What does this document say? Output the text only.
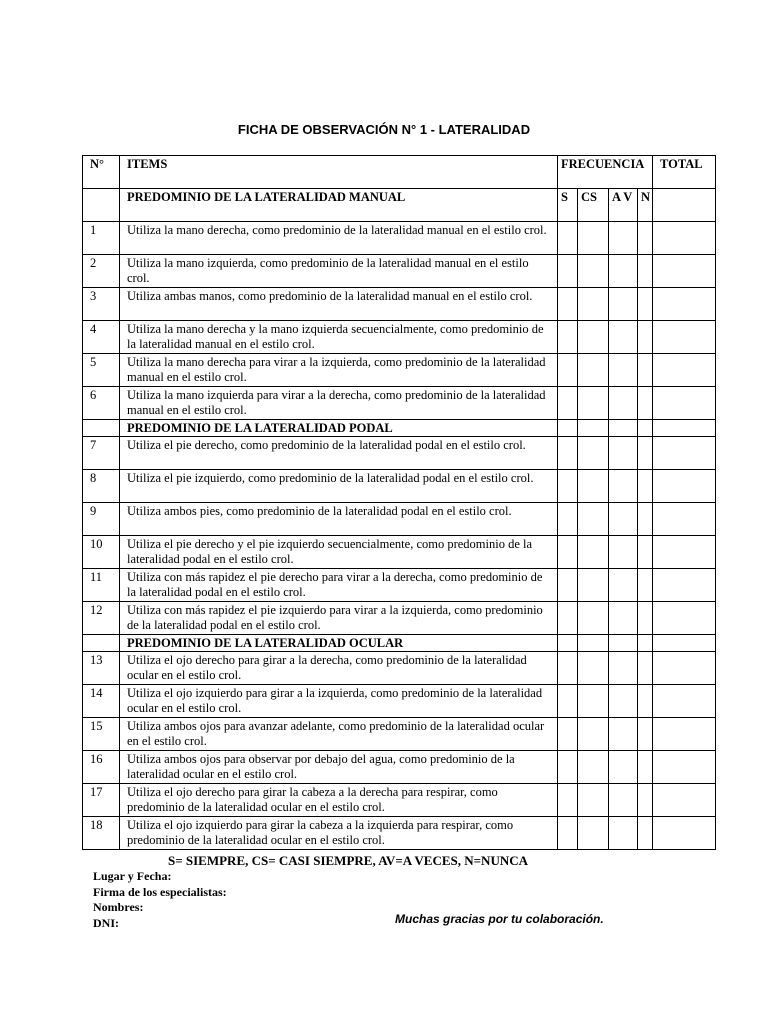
FICHA DE OBSERVACIÓN N° 1 - LATERALIDAD
N°	ITEMS	FRECUENCIA				TOTAL
	PREDOMINIO DE LA LATERALIDAD MANUAL	S	CS	A V	N	
1	Utiliza la mano derecha, como predominio de la lateralidad manual en el estilo crol.					
2	Utiliza la mano izquierda, como predominio de la lateralidad manual en el estilo crol.					
3	Utiliza ambas manos, como predominio de la lateralidad manual en el estilo crol.					
4	Utiliza la mano derecha y la mano izquierda secuencialmente, como predominio de la lateralidad manual en el estilo crol.					
5	Utiliza la mano derecha para virar a la izquierda, como predominio de la lateralidad manual en el estilo crol.					
6	Utiliza la mano izquierda para virar a la derecha, como predominio de la lateralidad manual en el estilo crol.					
	PREDOMINIO DE LA LATERALIDAD PODAL					
7	Utiliza el pie derecho, como predominio de la lateralidad podal en el estilo crol.					
8	Utiliza el pie izquierdo, como predominio de la lateralidad podal en el estilo crol.					
9	Utiliza ambos pies, como predominio de la lateralidad podal en el estilo crol.					
10	Utiliza el pie derecho y el pie izquierdo secuencialmente, como predominio de la lateralidad podal en el estilo crol.					
11	Utiliza con más rapidez el pie derecho para virar a la derecha, como predominio de la lateralidad podal en el estilo crol.					
12	Utiliza con más rapidez el pie izquierdo para virar a la izquierda, como predominio de la lateralidad podal en el estilo crol.					
	PREDOMINIO DE LA LATERALIDAD OCULAR					
13	Utiliza el ojo derecho para girar a la derecha, como predominio de la lateralidad ocular en el estilo crol.					
14	Utiliza el ojo izquierdo para girar a la izquierda, como predominio de la lateralidad ocular en el estilo crol.					
15	Utiliza ambos ojos para avanzar adelante, como predominio de la lateralidad ocular en el estilo crol.					
16	Utiliza ambos ojos para observar por debajo del agua, como predominio de la lateralidad ocular en el estilo crol.					
17	Utiliza el ojo derecho para girar la cabeza a la derecha para respirar, como predominio de la lateralidad ocular en el estilo crol.					
18	Utiliza el ojo izquierdo para girar la cabeza a la izquierda para respirar, como predominio de la lateralidad ocular en el estilo crol.					
S= SIEMPRE, CS= CASI SIEMPRE, AV=A VECES, N=NUNCA
Lugar y Fecha:
Firma de los especialistas:
Nombres:
DNI:	Muchas gracias por tu colaboración.
